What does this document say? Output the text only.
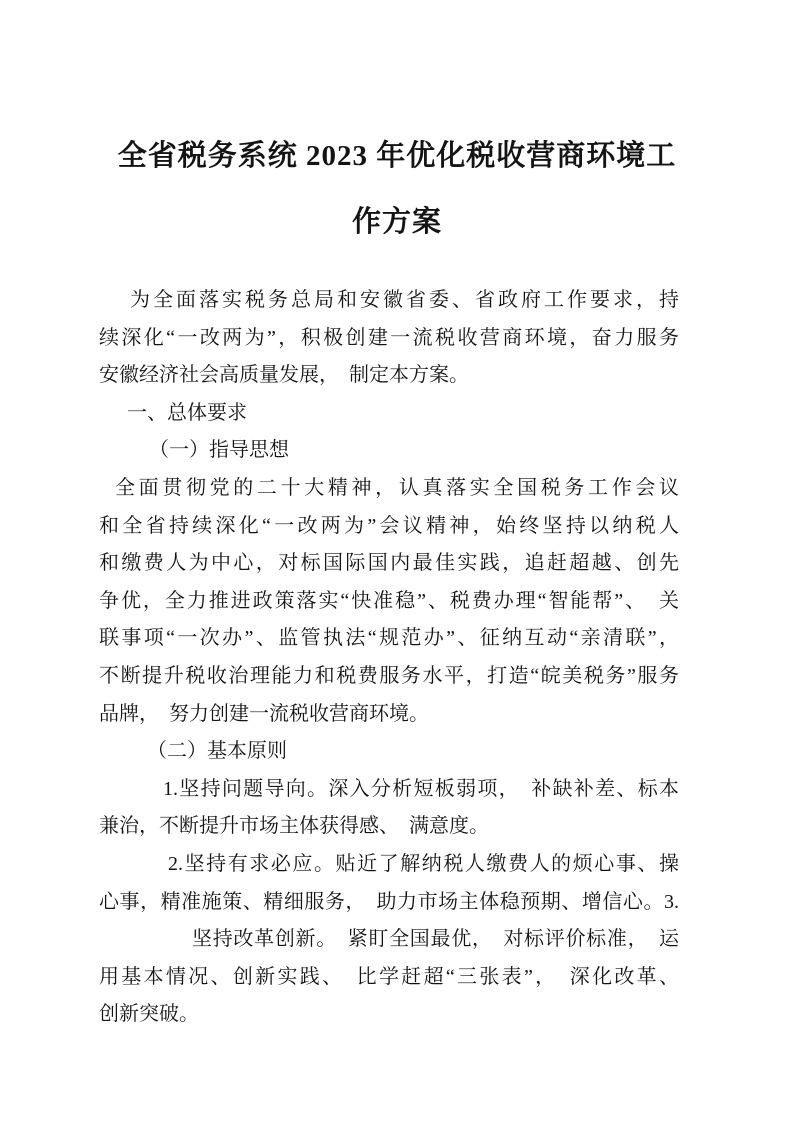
全省税务系统 2023 年优化税收营商环境工
作方案
为全面落实税务总局和安徽省委、省政府工作要求，持
续深化“一改两为”，积极创建一流税收营商环境，奋力服务
安徽经济社会高质量发展，　制定本方案。
一、总体要求
（一）指导思想
全面贯彻党的二十大精神，认真落实全国税务工作会议
和全省持续深化“一改两为”会议精神，始终坚持以纳税人
和缴费人为中心，对标国际国内最佳实践，追赶超越、创先
争优，全力推进政策落实“快准稳”、税费办理“智能帮”、　关
联事项“一次办”、监管执法“规范办”、征纳互动“亲清联”，
不断提升税收治理能力和税费服务水平，打造“皖美税务”服务
品牌，　努力创建一流税收营商环境。
（二）基本原则
1.坚持问题导向。深入分析短板弱项，　补缺补差、标本
兼治，不断提升市场主体获得感、　满意度。
2.坚持有求必应。贴近了解纳税人缴费人的烦心事、操
心事，精准施策、精细服务，　助力市场主体稳预期、增信心。3.
坚持改革创新。　紧盯全国最优，　对标评价标准，　运
用基本情况、创新实践、　比学赶超“三张表”，　深化改革、
创新突破。
